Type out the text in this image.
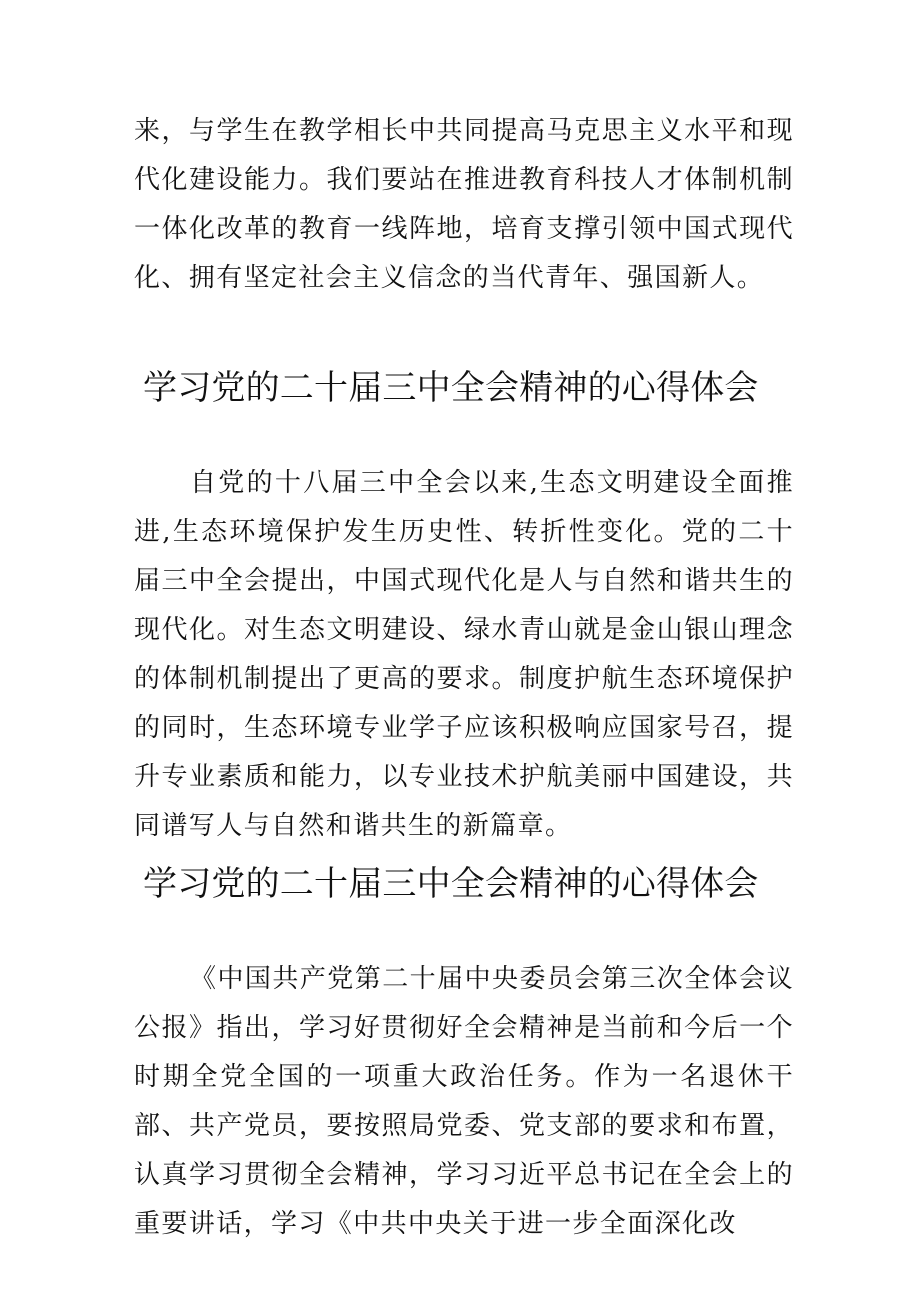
来，与学生在教学相长中共同提高马克思主义水平和现代化建设能力。我们要站在推进教育科技人才体制机制一体化改革的教育一线阵地，培育支撑引领中国式现代化、拥有坚定社会主义信念的当代青年、强国新人。

学习党的二十届三中全会精神的心得体会

自党的十八届三中全会以来,生态文明建设全面推进,生态环境保护发生历史性、转折性变化。党的二十届三中全会提出，中国式现代化是人与自然和谐共生的现代化。对生态文明建设、绿水青山就是金山银山理念的体制机制提出了更高的要求。制度护航生态环境保护的同时，生态环境专业学子应该积极响应国家号召，提升专业素质和能力，以专业技术护航美丽中国建设，共同谱写人与自然和谐共生的新篇章。

学习党的二十届三中全会精神的心得体会

《中国共产党第二十届中央委员会第三次全体会议公报》指出，学习好贯彻好全会精神是当前和今后一个时期全党全国的一项重大政治任务。作为一名退休干部、共产党员，要按照局党委、党支部的要求和布置，认真学习贯彻全会精神，学习习近平总书记在全会上的重要讲话，学习《中共中央关于进一步全面深化改
